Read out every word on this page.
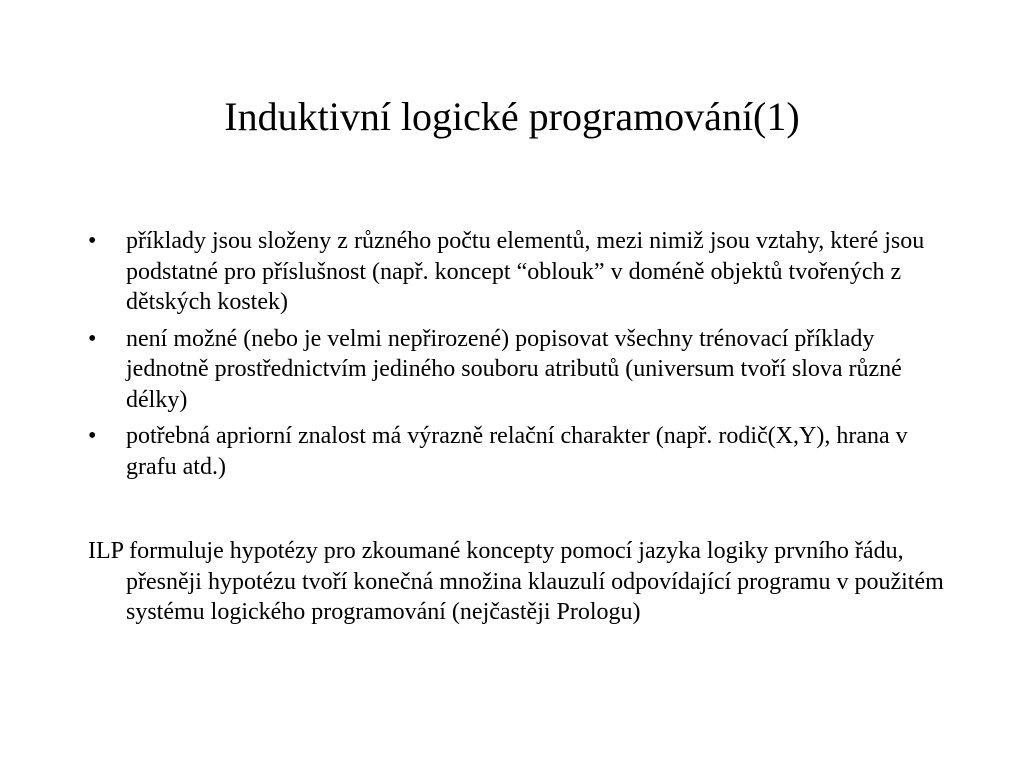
Induktivní logické programování(1)
• příklady jsou složeny z různého počtu elementů, mezi nimiž jsou vztahy, které jsou podstatné pro příslušnost (např. koncept “oblouk” v doméně objektů tvořených z dětských kostek)
• není možné (nebo je velmi nepřirozené) popisovat všechny trénovací příklady jednotně prostřednictvím jediného souboru atributů (universum tvoří slova různé délky)
• potřebná apriorní znalost má výrazně relační charakter (např. rodič(X,Y), hrana v grafu atd.)
ILP formuluje hypotézy pro zkoumané koncepty pomocí jazyka logiky prvního řádu, přesněji hypotézu tvoří konečná množina klauzulí odpovídající programu v použitém systému logického programování (nejčastěji Prologu)
